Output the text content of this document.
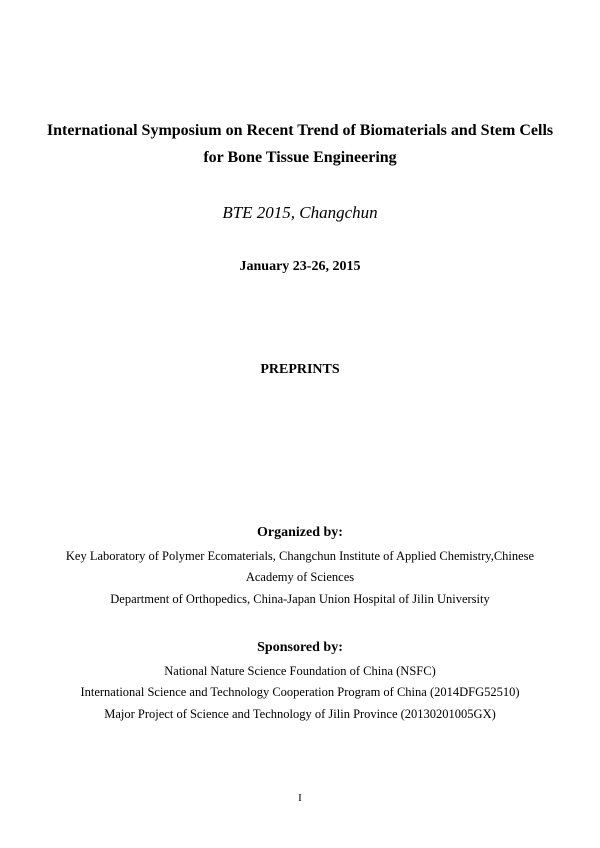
International Symposium on Recent Trend of Biomaterials and Stem Cells
for Bone Tissue Engineering
BTE 2015, Changchun
January 23-26, 2015
PREPRINTS
Organized by:
Key Laboratory of Polymer Ecomaterials, Changchun Institute of Applied Chemistry,Chinese
Academy of Sciences
Department of Orthopedics, China-Japan Union Hospital of Jilin University
Sponsored by:
National Nature Science Foundation of China (NSFC)
International Science and Technology Cooperation Program of China (2014DFG52510)
Major Project of Science and Technology of Jilin Province (20130201005GX)
I
